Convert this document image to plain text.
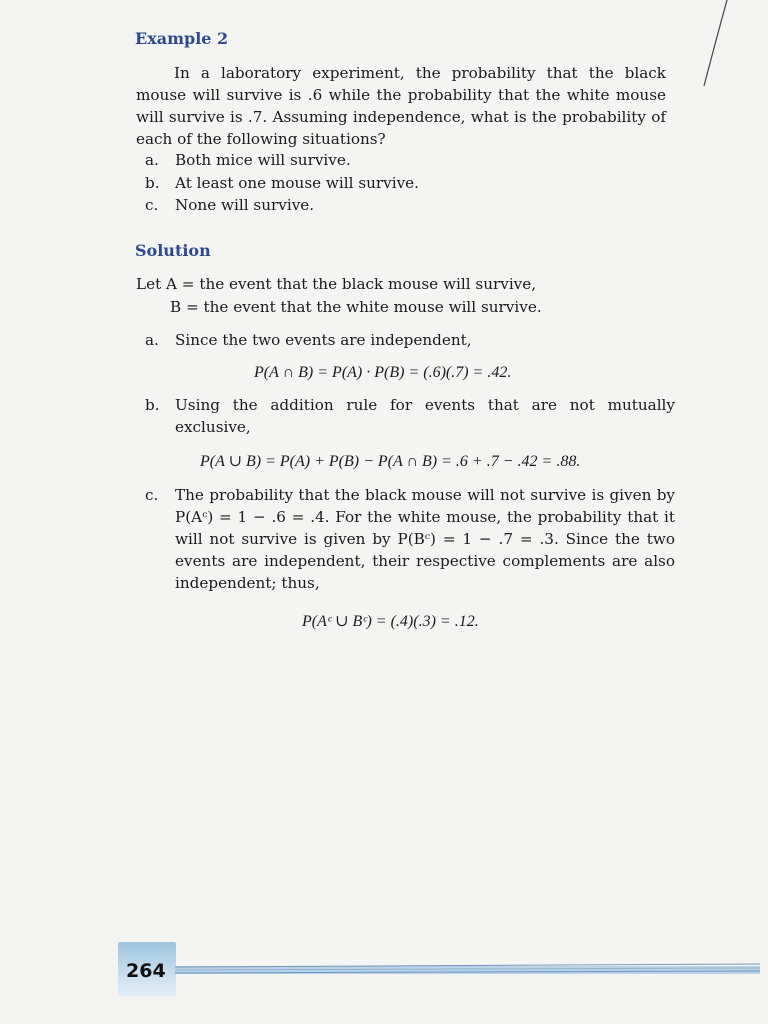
Example 2
In a laboratory experiment, the probability that the black mouse will survive is .6 while the probability that the white mouse will survive is .7. Assuming independence, what is the probability of each of the following situations?
a. Both mice will survive.
b. At least one mouse will survive.
c. None will survive.
Solution
Let A = the event that the black mouse will survive,
B = the event that the white mouse will survive.
a.	Since the two events are independent,
P(A ∩ B) = P(A) · P(B) = (.6)(.7) = .42.
b.	Using the addition rule for events that are not mutually exclusive,
P(A ∪ B) = P(A) + P(B) − P(A ∩ B) = .6 + .7 − .42 = .88.
c.	The probability that the black mouse will not survive is given by P(Aᶜ) = 1 − .6 = .4. For the white mouse, the probability that it will not survive is given by P(Bᶜ) = 1 − .7 = .3. Since the two events are independent, their respective complements are also independent; thus,
P(Aᶜ ∪ Bᶜ) = (.4)(.3) = .12.
264
